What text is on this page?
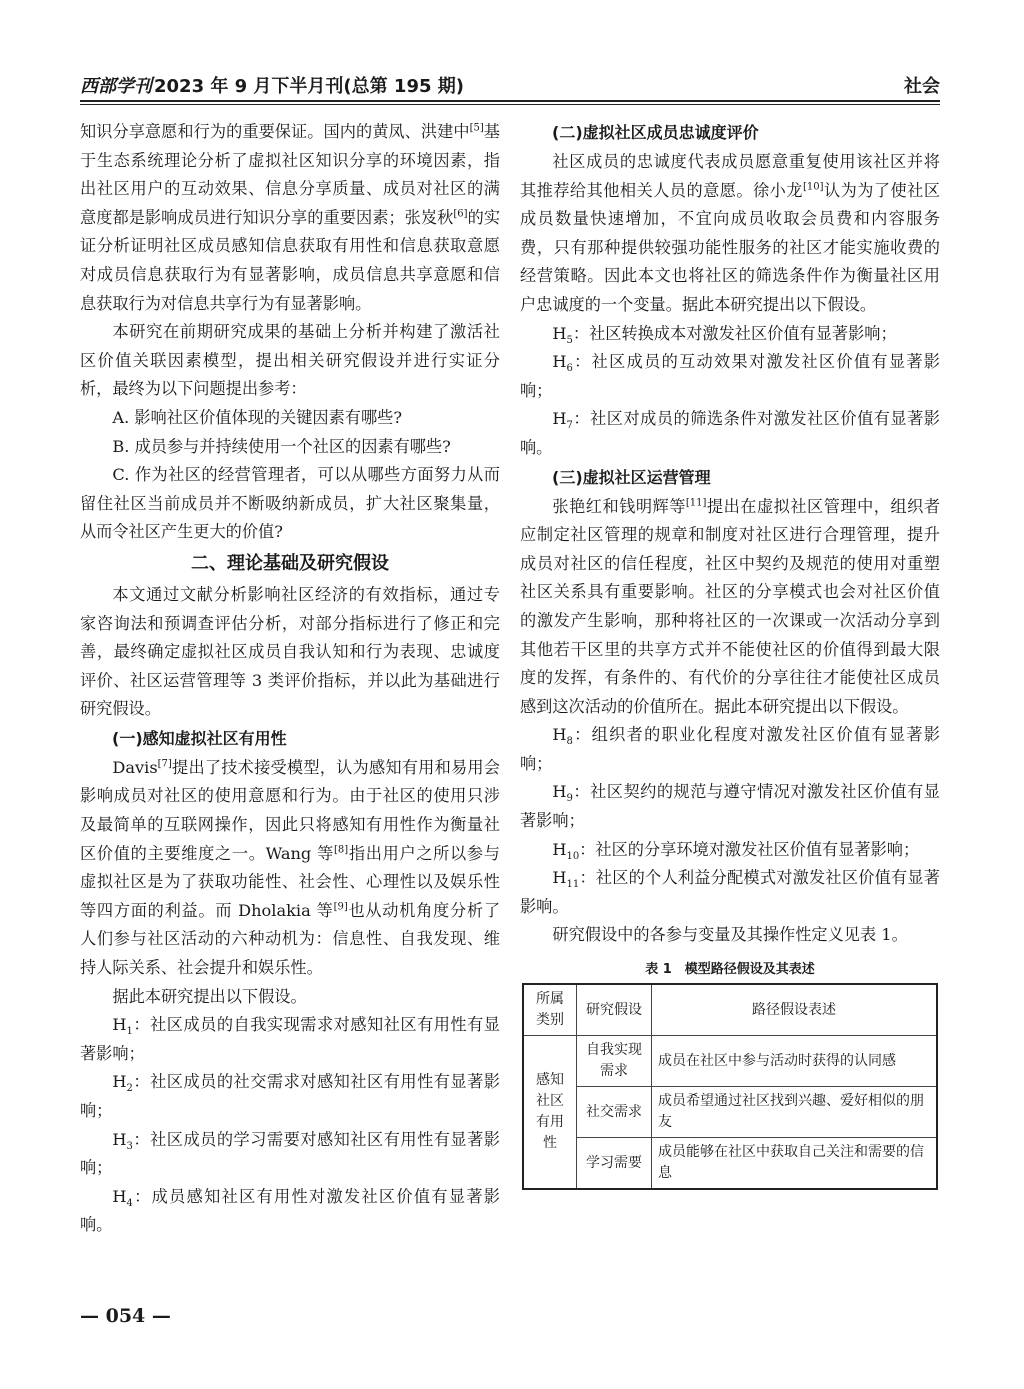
西部学刊 2023 年 9 月下半月刊(总第 195 期)	社会

知识分享意愿和行为的重要保证。国内的黄凤、洪建中[5]基于生态系统理论分析了虚拟社区知识分享的环境因素，指出社区用户的互动效果、信息分享质量、成员对社区的满意度都是影响成员进行知识分享的重要因素；张岌秋[6]的实证分析证明社区成员感知信息获取有用性和信息获取意愿对成员信息获取行为有显著影响，成员信息共享意愿和信息获取行为对信息共享行为有显著影响。

本研究在前期研究成果的基础上分析并构建了激活社区价值关联因素模型，提出相关研究假设并进行实证分析，最终为以下问题提出参考：

A. 影响社区价值体现的关键因素有哪些?

B. 成员参与并持续使用一个社区的因素有哪些?

C. 作为社区的经营管理者，可以从哪些方面努力从而留住社区当前成员并不断吸纳新成员，扩大社区聚集量，从而令社区产生更大的价值?

二、理论基础及研究假设

本文通过文献分析影响社区经济的有效指标，通过专家咨询法和预调查评估分析，对部分指标进行了修正和完善，最终确定虚拟社区成员自我认知和行为表现、忠诚度评价、社区运营管理等 3 类评价指标，并以此为基础进行研究假设。

(一)感知虚拟社区有用性

Davis[7]提出了技术接受模型，认为感知有用和易用会影响成员对社区的使用意愿和行为。由于社区的使用只涉及最简单的互联网操作，因此只将感知有用性作为衡量社区价值的主要维度之一。Wang 等[8]指出用户之所以参与虚拟社区是为了获取功能性、社会性、心理性以及娱乐性等四方面的利益。而 Dholakia 等[9]也从动机角度分析了人们参与社区活动的六种动机为：信息性、自我发现、维持人际关系、社会提升和娱乐性。

据此本研究提出以下假设。

$H_1$：社区成员的自我实现需求对感知社区有用性有显著影响；

$H_2$：社区成员的社交需求对感知社区有用性有显著影响；

$H_3$：社区成员的学习需要对感知社区有用性有显著影响；

$H_4$：成员感知社区有用性对激发社区价值有显著影响。

(二)虚拟社区成员忠诚度评价

社区成员的忠诚度代表成员愿意重复使用该社区并将其推荐给其他相关人员的意愿。徐小龙[10]认为为了使社区成员数量快速增加，不宜向成员收取会员费和内容服务费，只有那种提供较强功能性服务的社区才能实施收费的经营策略。因此本文也将社区的筛选条件作为衡量社区用户忠诚度的一个变量。据此本研究提出以下假设。

$H_5$：社区转换成本对激发社区价值有显著影响；

$H_6$：社区成员的互动效果对激发社区价值有显著影响；

$H_7$：社区对成员的筛选条件对激发社区价值有显著影响。

(三)虚拟社区运营管理

张艳红和钱明辉等[11]提出在虚拟社区管理中，组织者应制定社区管理的规章和制度对社区进行合理管理，提升成员对社区的信任程度，社区中契约及规范的使用对重塑社区关系具有重要影响。社区的分享模式也会对社区价值的激发产生影响，那种将社区的一次课或一次活动分享到其他若干区里的共享方式并不能使社区的价值得到最大限度的发挥，有条件的、有代价的分享往往才能使社区成员感到这次活动的价值所在。据此本研究提出以下假设。

$H_8$：组织者的职业化程度对激发社区价值有显著影响；

$H_9$：社区契约的规范与遵守情况对激发社区价值有显著影响；

$H_{10}$：社区的分享环境对激发社区价值有显著影响；

$H_{11}$：社区的个人利益分配模式对激发社区价值有显著影响。

研究假设中的各参与变量及其操作性定义见表 1。

表 1　模型路径假设及其表述
所属类别	研究假设	路径假设表述
感知社区有用性	自我实现需求	成员在社区中参与活动时获得的认同感
	社交需求	成员希望通过社区找到兴趣、爱好相似的朋友
	学习需要	成员能够在社区中获取自己关注和需要的信息
— 054 —
